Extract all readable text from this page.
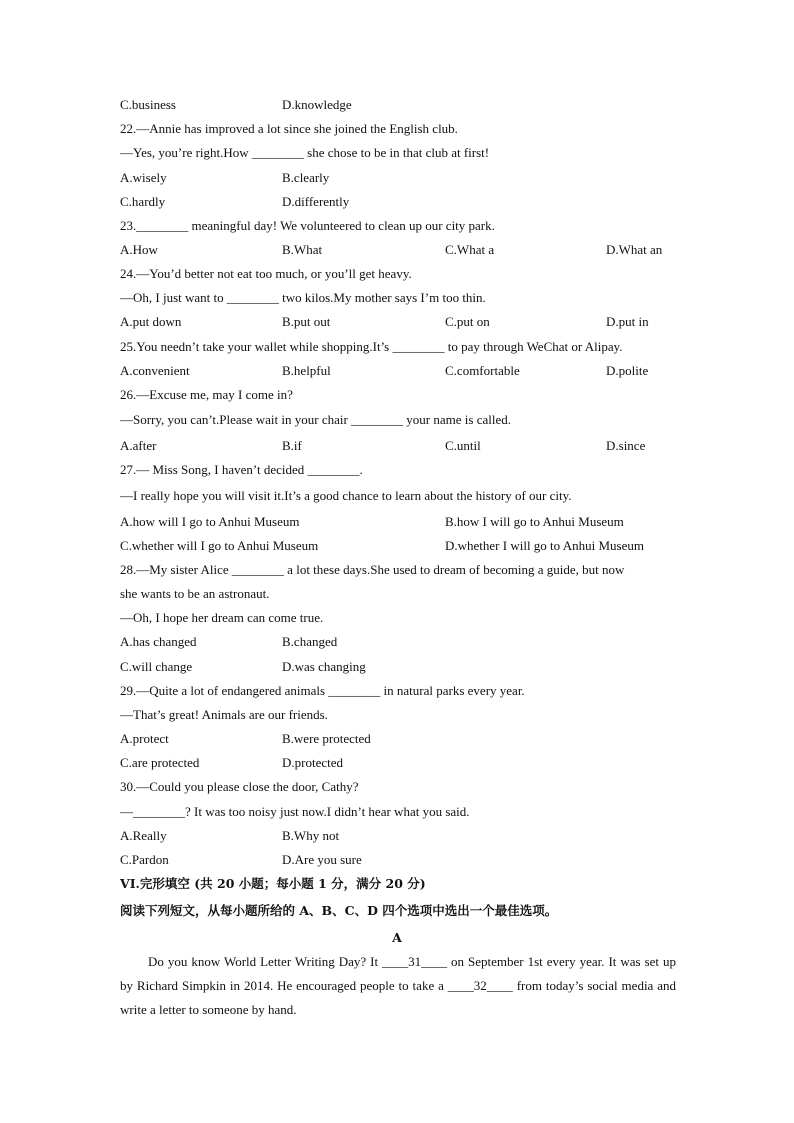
C.business	D.knowledge
22.—Annie has improved a lot since she joined the English club.
—Yes, you’re right.How ________ she chose to be in that club at first!
A.wisely	B.clearly
C.hardly	D.differently
23.________ meaningful day! We volunteered to clean up our city park.
A.How	B.What	C.What a	D.What an
24.—You’d better not eat too much, or you’ll get heavy.
—Oh, I just want to ________ two kilos.My mother says I’m too thin.
A.put down	B.put out	C.put on	D.put in
25.You needn’t take your wallet while shopping.It’s ________ to pay through WeChat or Alipay.
A.convenient	B.helpful	C.comfortable	D.polite
26.—Excuse me, may I come in?
—Sorry, you can’t.Please wait in your chair ________ your name is called.
A.after	B.if	C.until	D.since
27.— Miss Song, I haven’t decided ________.
—I really hope you will visit it.It’s a good chance to learn about the history of our city.
A.how will I go to Anhui Museum	B.how I will go to Anhui Museum
C.whether will I go to Anhui Museum	D.whether I will go to Anhui Museum
28.—My sister Alice ________ a lot these days.She used to dream of becoming a guide, but now
she wants to be an astronaut.
—Oh, I hope her dream can come true.
A.has changed	B.changed
C.will change	D.was changing
29.—Quite a lot of endangered animals ________ in natural parks every year.
—That’s great! Animals are our friends.
A.protect	B.were protected
C.are protected	D.protected
30.—Could you please close the door, Cathy?
—________? It was too noisy just now.I didn’t hear what you said.
A.Really	B.Why not
C.Pardon	D.Are you sure
VI.完形填空 (共 20 小题；每小题 1 分，满分 20 分)
阅读下列短文，从每小题所给的 A、B、C、D 四个选项中选出一个最佳选项。
A
Do you know World Letter Writing Day? It ____31____ on September 1st every year. It was set up by Richard Simpkin in 2014. He encouraged people to take a ____32____ from today’s social media and write a letter to someone by hand.
